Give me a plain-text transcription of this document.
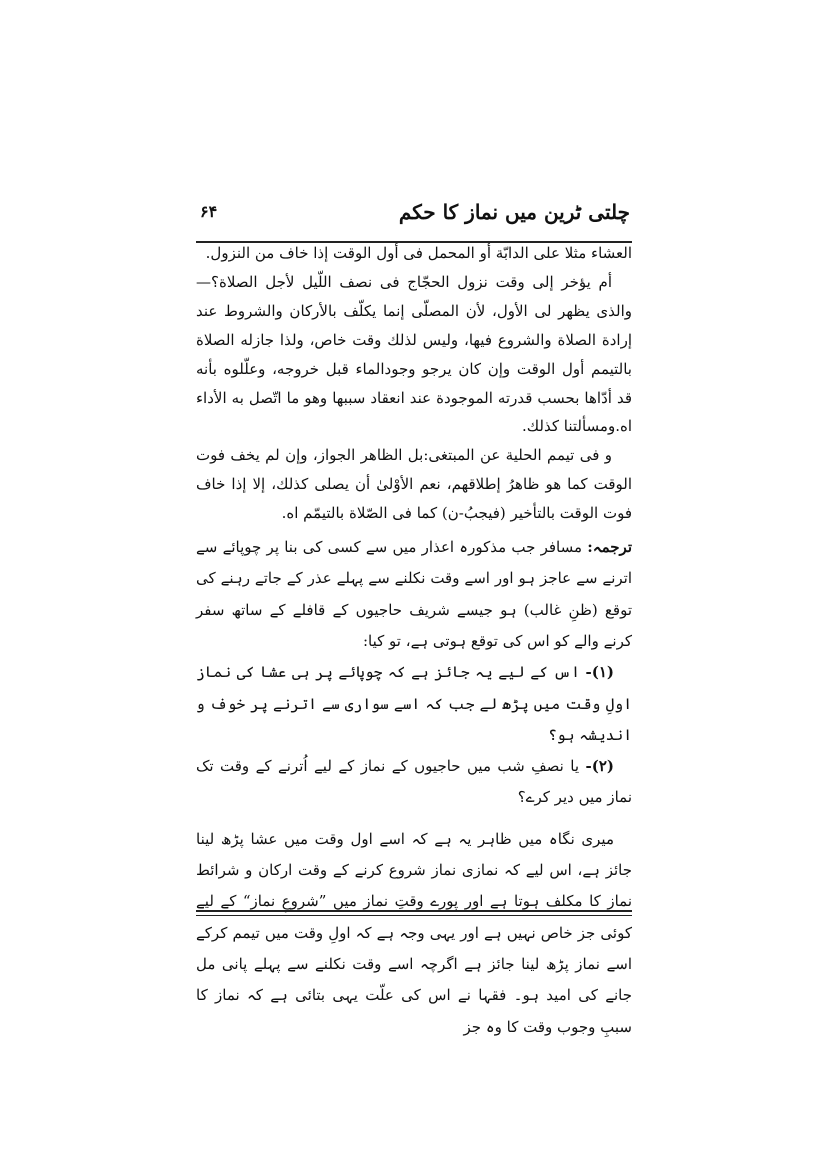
چلتی ٹرین میں نماز کا حکم
۶۴

العشاء مثلا على الدابّة أو المحمل فى أول الوقت إذا خاف من النزول.

أم يؤخر إلى وقت نزول الحجّاج فى نصف اللّيل لأجل الصلاة؟—والذى يظهر لى الأول، لأن المصلّى إنما يكلّف بالأركان والشروط عند إرادة الصلاة والشروع فيها، وليس لذلك وقت خاص، ولذا جازله الصلاة بالتيمم أول الوقت وإن كان يرجو وجودالماء قبل خروجه، وعلّلوه بأنه قد أدّاها بحسب قدرته الموجودة عند انعقاد سببها وهو ما اتّصل به الأداء اه.ومسألتنا كذلك.

و فى تيمم الحلية عن المبتغى:بل الظاهر الجواز، وإن لم يخف فوت الوقت كما هو ظاهرُ إطلاقهم، نعم الأوْلىٰ أن يصلى كذلك، إلا إذا خاف فوت الوقت بالتأخير (فيجبُ-ن) كما فى الصّلاة بالتيمّم اه.

ترجمہ: مسافر جب مذکورہ اعذار میں سے کسی کی بنا پر چوپائے سے اترنے سے عاجز ہو اور اسے وقت نکلنے سے پہلے عذر کے جاتے رہنے کی توقع (ظنِ غالب) ہو جیسے شریف حاجیوں کے قافلے کے ساتھ سفر کرنے والے کو اس کی توقع ہوتی ہے، تو کیا:

(۱)- اس کے لیے یہ جائز ہے کہ چوپائے پر ہی عشا کی نماز اولِ وقت میں پڑھ لے جب کہ اسے سواری سے اترنے پر خوف و اندیشہ ہو؟

(۲)- یا نصفِ شب میں حاجیوں کے نماز کے لیے اُترنے کے وقت تک نماز میں دیر کرے؟

میری نگاہ میں ظاہر یہ ہے کہ اسے اول وقت میں عشا پڑھ لینا جائز ہے، اس لیے کہ نمازی نماز شروع کرنے کے وقت ارکان و شرائط نماز کا مکلف ہوتا ہے اور پورے وقتِ نماز میں ”شروعِ نماز“ کے لیے کوئی جز خاص نہیں ہے اور یہی وجہ ہے کہ اولِ وقت میں تیمم کرکے اسے نماز پڑھ لینا جائز ہے اگرچہ اسے وقت نکلنے سے پہلے پانی مل جانے کی امید ہو۔ فقہا نے اس کی علّت یہی بتائی ہے کہ نماز کا سببِ وجوب وقت کا وہ جز
